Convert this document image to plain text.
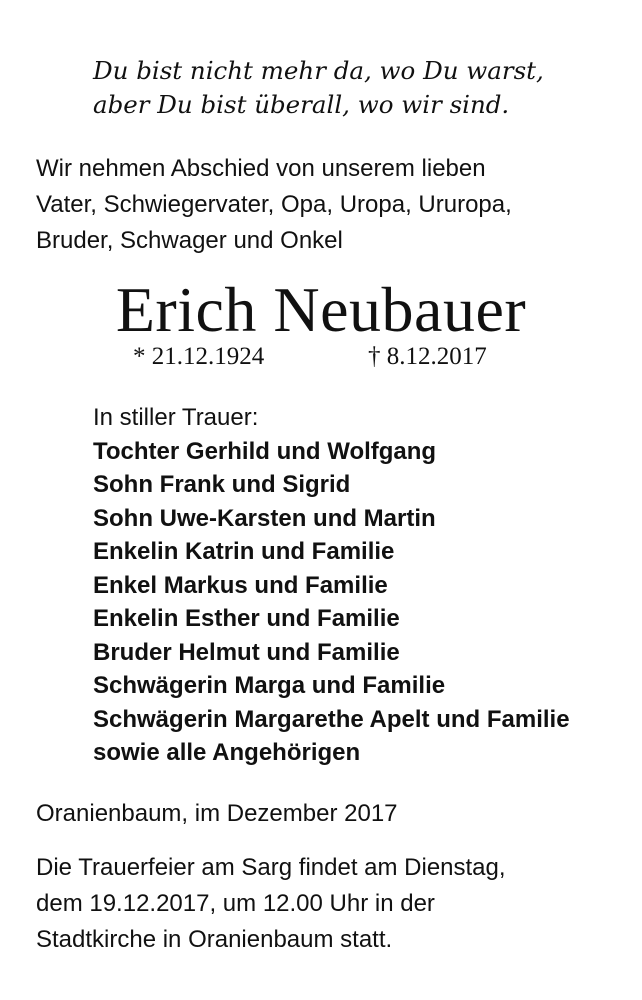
Du bist nicht mehr da, wo Du warst,
aber Du bist überall, wo wir sind.
Wir nehmen Abschied von unserem lieben
Vater, Schwiegervater, Opa, Uropa, Ururopa,
Bruder, Schwager und Onkel
Erich Neubauer
* 21.12.1924	† 8.12.2017
In stiller Trauer:
Tochter Gerhild und Wolfgang
Sohn Frank und Sigrid
Sohn Uwe-Karsten und Martin
Enkelin Katrin und Familie
Enkel Markus und Familie
Enkelin Esther und Familie
Bruder Helmut und Familie
Schwägerin Marga und Familie
Schwägerin Margarethe Apelt und Familie
sowie alle Angehörigen
Oranienbaum, im Dezember 2017
Die Trauerfeier am Sarg findet am Dienstag,
dem 19.12.2017, um 12.00 Uhr in der
Stadtkirche in Oranienbaum statt.
